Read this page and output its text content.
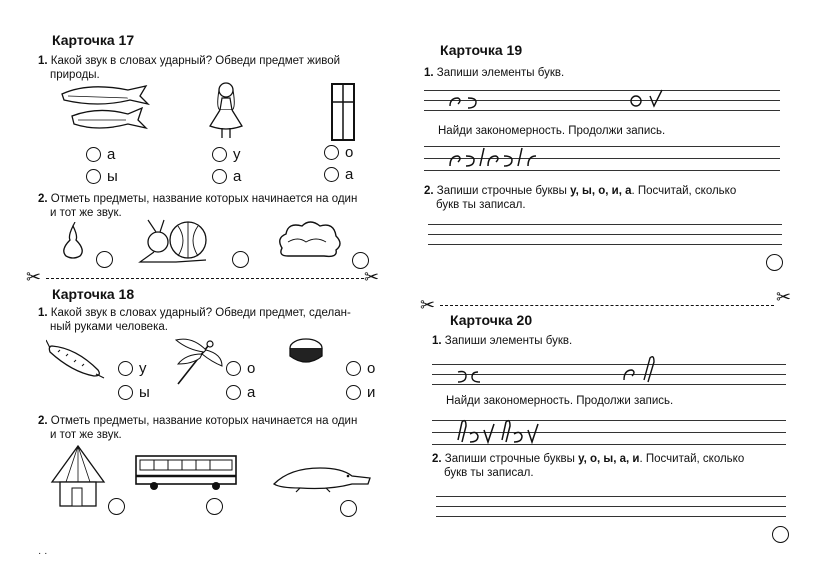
Карточка 17
1. Какой звук в словах ударный? Обведи предмет живой
природы.
а
ы
у
а
о
а
2. Отметь предметы, название которых начинается на один
и тот же звук.
✂	✂
Карточка 18
1. Какой звук в словах ударный? Обведи предмет, сделан-
ный руками человека.
у
ы
о
а
о
и
2. Отметь предметы, название которых начинается на один
и тот же звук.
· ·
Карточка 19
1. Запиши элементы букв.
Найди закономерность. Продолжи запись.
2. Запиши строчные буквы у, ы, о, и, а. Посчитай, сколько
букв ты записал.
✂	✂
Карточка 20
1. Запиши элементы букв.
Найди закономерность. Продолжи запись.
2. Запиши строчные буквы у, о, ы, а, и. Посчитай, сколько
букв ты записал.
